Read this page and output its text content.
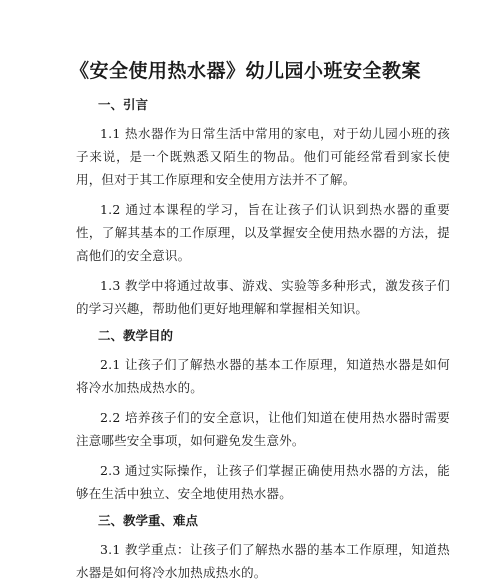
《安全使用热水器》幼儿园小班安全教案
一、引言

1.1 热水器作为日常生活中常用的家电，对于幼儿园小班的孩子来说，是一个既熟悉又陌生的物品。他们可能经常看到家长使用，但对于其工作原理和安全使用方法并不了解。

1.2 通过本课程的学习，旨在让孩子们认识到热水器的重要性，了解其基本的工作原理，以及掌握安全使用热水器的方法，提高他们的安全意识。

1.3 教学中将通过故事、游戏、实验等多种形式，激发孩子们的学习兴趣，帮助他们更好地理解和掌握相关知识。

二、教学目的

2.1 让孩子们了解热水器的基本工作原理，知道热水器是如何将冷水加热成热水的。

2.2 培养孩子们的安全意识，让他们知道在使用热水器时需要注意哪些安全事项，如何避免发生意外。

2.3 通过实际操作，让孩子们掌握正确使用热水器的方法，能够在生活中独立、安全地使用热水器。

三、教学重、难点

3.1 教学重点：让孩子们了解热水器的基本工作原理，知道热水器是如何将冷水加热成热水的。
